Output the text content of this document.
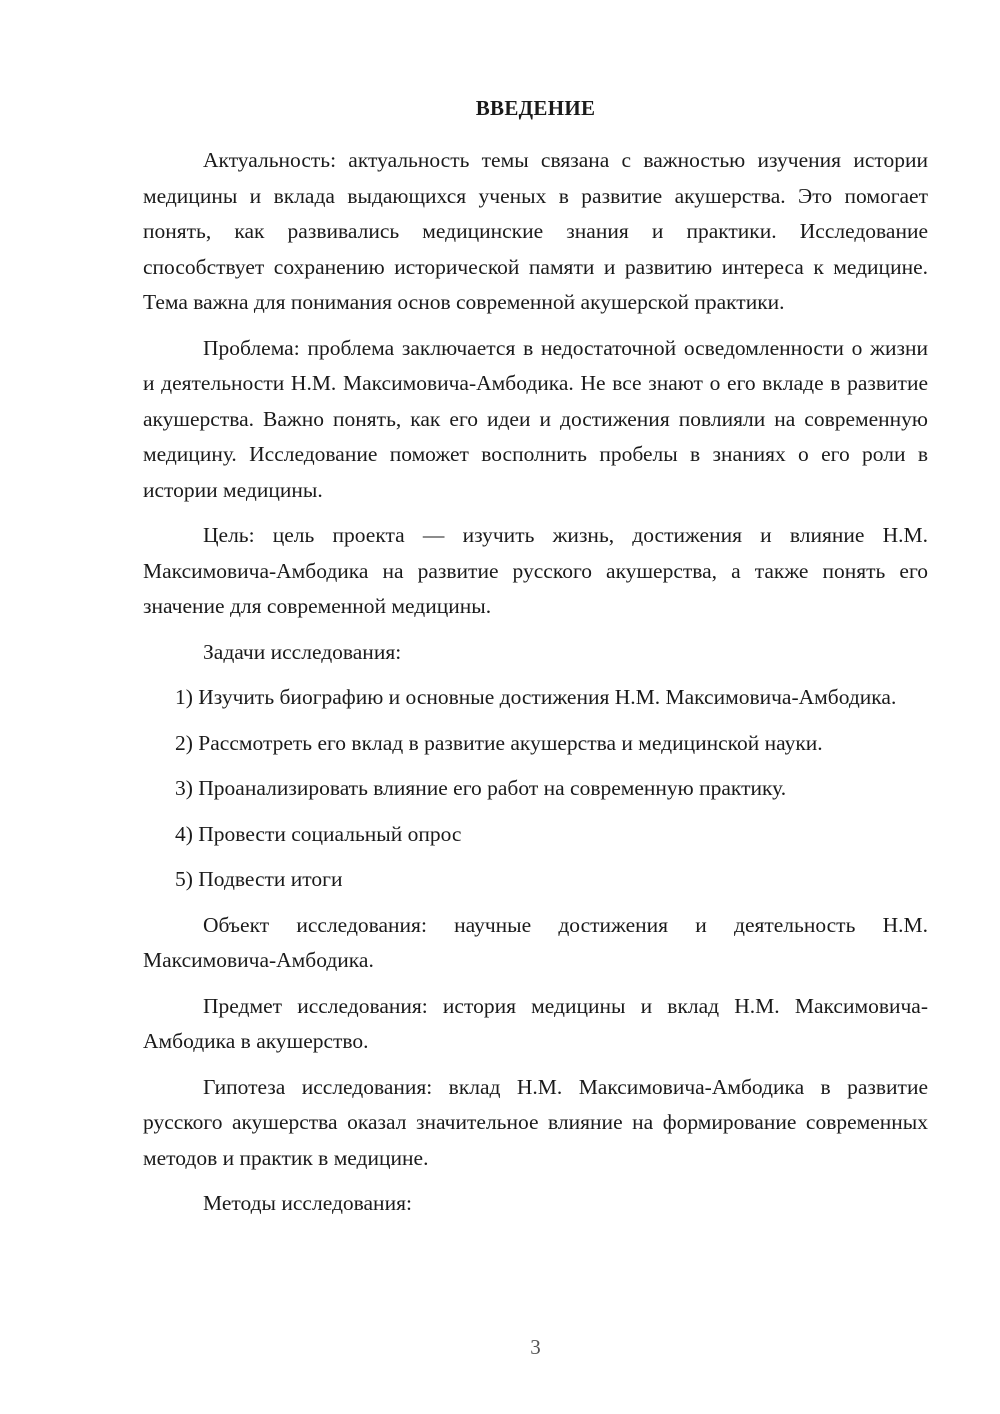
ВВЕДЕНИЕ

Актуальность: актуальность темы связана с важностью изучения истории медицины и вклада выдающихся ученых в развитие акушерства. Это помогает понять, как развивались медицинские знания и практики. Исследование способствует сохранению исторической памяти и развитию интереса к медицине. Тема важна для понимания основ современной акушерской практики.

Проблема: проблема заключается в недостаточной осведомленности о жизни и деятельности Н.М. Максимовича-Амбодика. Не все знают о его вкладе в развитие акушерства. Важно понять, как его идеи и достижения повлияли на современную медицину. Исследование поможет восполнить пробелы в знаниях о его роли в истории медицины.

Цель: цель проекта — изучить жизнь, достижения и влияние Н.М. Максимовича-Амбодика на развитие русского акушерства, а также понять его значение для современной медицины.

Задачи исследования:

1) Изучить биографию и основные достижения Н.М. Максимовича-Амбодика.

2) Рассмотреть его вклад в развитие акушерства и медицинской науки.

3) Проанализировать влияние его работ на современную практику.

4) Провести социальный опрос

5) Подвести итоги

Объект исследования: научные достижения и деятельность Н.М. Максимовича-Амбодика.

Предмет исследования: история медицины и вклад Н.М. Максимовича-Амбодика в акушерство.

Гипотеза исследования: вклад Н.М. Максимовича-Амбодика в развитие русского акушерства оказал значительное влияние на формирование современных методов и практик в медицине.

Методы исследования:

3
